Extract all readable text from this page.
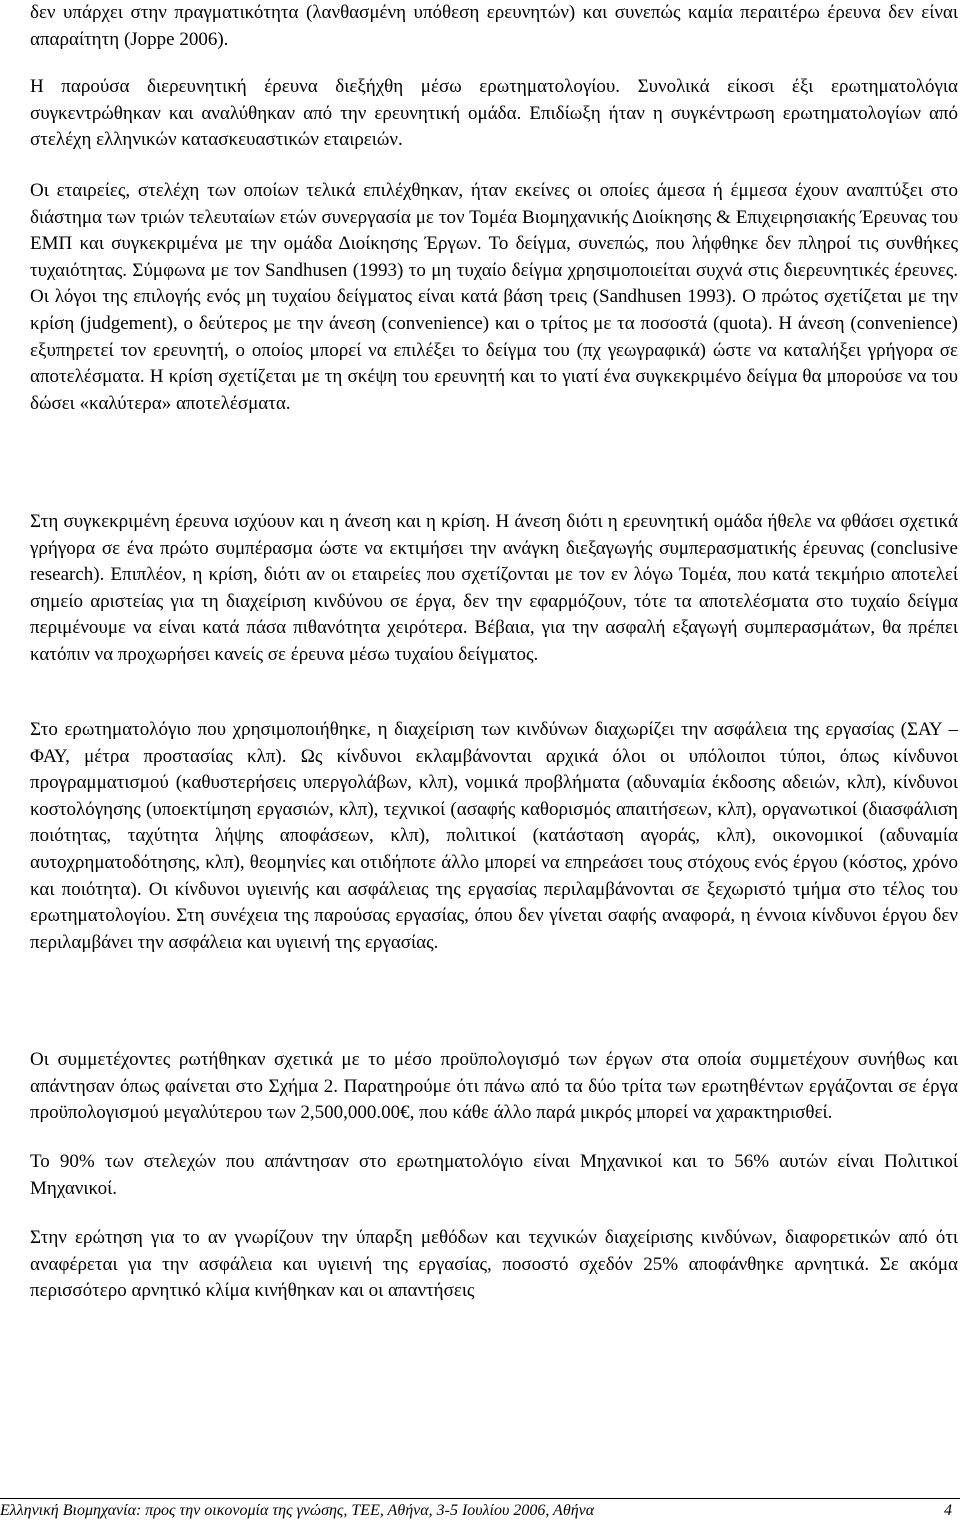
δεν υπάρχει στην πραγματικότητα (λανθασμένη υπόθεση ερευνητών) και συνεπώς καμία περαιτέρω έρευνα δεν είναι απαραίτητη (Joppe 2006).

Η παρούσα διερευνητική έρευνα διεξήχθη μέσω ερωτηματολογίου. Συνολικά είκοσι έξι ερωτηματολόγια συγκεντρώθηκαν και αναλύθηκαν από την ερευνητική ομάδα. Επιδίωξη ήταν η συγκέντρωση ερωτηματολογίων από στελέχη ελληνικών κατασκευαστικών εταιρειών.

Οι εταιρείες, στελέχη των οποίων τελικά επιλέχθηκαν, ήταν εκείνες οι οποίες άμεσα ή έμμεσα έχουν αναπτύξει στο διάστημα των τριών τελευταίων ετών συνεργασία με τον Τομέα Βιομηχανικής Διοίκησης & Επιχειρησιακής Έρευνας του ΕΜΠ και συγκεκριμένα με την ομάδα Διοίκησης Έργων. Το δείγμα, συνεπώς, που λήφθηκε δεν πληροί τις συνθήκες τυχαιότητας. Σύμφωνα με τον Sandhusen (1993) το μη τυχαίο δείγμα χρησιμοποιείται συχνά στις διερευνητικές έρευνες. Οι λόγοι της επιλογής ενός μη τυχαίου δείγματος είναι κατά βάση τρεις (Sandhusen 1993). Ο πρώτος σχετίζεται με την κρίση (judgement), ο δεύτερος με την άνεση (convenience) και ο τρίτος με τα ποσοστά (quota). Η άνεση (convenience) εξυπηρετεί τον ερευνητή, ο οποίος μπορεί να επιλέξει το δείγμα του (πχ γεωγραφικά) ώστε να καταλήξει γρήγορα σε αποτελέσματα. Η κρίση σχετίζεται με τη σκέψη του ερευνητή και το γιατί ένα συγκεκριμένο δείγμα θα μπορούσε να του δώσει «καλύτερα» αποτελέσματα.

Στη συγκεκριμένη έρευνα ισχύουν και η άνεση και η κρίση. Η άνεση διότι η ερευνητική ομάδα ήθελε να φθάσει σχετικά γρήγορα σε ένα πρώτο συμπέρασμα ώστε να εκτιμήσει την ανάγκη διεξαγωγής συμπερασματικής έρευνας (conclusive research). Επιπλέον, η κρίση, διότι αν οι εταιρείες που σχετίζονται με τον εν λόγω Τομέα, που κατά τεκμήριο αποτελεί σημείο αριστείας για τη διαχείριση κινδύνου σε έργα, δεν την εφαρμόζουν, τότε τα αποτελέσματα στο τυχαίο δείγμα περιμένουμε να είναι κατά πάσα πιθανότητα χειρότερα. Βέβαια, για την ασφαλή εξαγωγή συμπερασμάτων, θα πρέπει κατόπιν να προχωρήσει κανείς σε έρευνα μέσω τυχαίου δείγματος.

Στο ερωτηματολόγιο που χρησιμοποιήθηκε, η διαχείριση των κινδύνων διαχωρίζει την ασφάλεια της εργασίας (ΣΑΥ – ΦΑΥ, μέτρα προστασίας κλπ). Ως κίνδυνοι εκλαμβάνονται αρχικά όλοι οι υπόλοιποι τύποι, όπως κίνδυνοι προγραμματισμού (καθυστερήσεις υπεργολάβων, κλπ), νομικά προβλήματα (αδυναμία έκδοσης αδειών, κλπ), κίνδυνοι κοστολόγησης (υποεκτίμηση εργασιών, κλπ), τεχνικοί (ασαφής καθορισμός απαιτήσεων, κλπ), οργανωτικοί (διασφάλιση ποιότητας, ταχύτητα λήψης αποφάσεων, κλπ), πολιτικοί (κατάσταση αγοράς, κλπ), οικονομικοί (αδυναμία αυτοχρηματοδότησης, κλπ), θεομηνίες και οτιδήποτε άλλο μπορεί να επηρεάσει τους στόχους ενός έργου (κόστος, χρόνο και ποιότητα). Οι κίνδυνοι υγιεινής και ασφάλειας της εργασίας περιλαμβάνονται σε ξεχωριστό τμήμα στο τέλος του ερωτηματολογίου. Στη συνέχεια της παρούσας εργασίας, όπου δεν γίνεται σαφής αναφορά, η έννοια κίνδυνοι έργου δεν περιλαμβάνει την ασφάλεια και υγιεινή της εργασίας.

Οι συμμετέχοντες ρωτήθηκαν σχετικά με το μέσο προϋπολογισμό των έργων στα οποία συμμετέχουν συνήθως και απάντησαν όπως φαίνεται στο Σχήμα 2. Παρατηρούμε ότι πάνω από τα δύο τρίτα των ερωτηθέντων εργάζονται σε έργα προϋπολογισμού μεγαλύτερου των 2,500,000.00€, που κάθε άλλο παρά μικρός μπορεί να χαρακτηρισθεί.

Το 90% των στελεχών που απάντησαν στο ερωτηματολόγιο είναι Μηχανικοί και το 56% αυτών είναι Πολιτικοί Μηχανικοί.

Στην ερώτηση για το αν γνωρίζουν την ύπαρξη μεθόδων και τεχνικών διαχείρισης κινδύνων, διαφορετικών από ότι αναφέρεται για την ασφάλεια και υγιεινή της εργασίας, ποσοστό σχεδόν 25% αποφάνθηκε αρνητικά. Σε ακόμα περισσότερο αρνητικό κλίμα κινήθηκαν και οι απαντήσεις

Ελληνική Βιομηχανία: προς την οικονομία της γνώσης, ΤΕΕ, Αθήνα, 3-5 Ιουλίου 2006, Αθήνα	4
